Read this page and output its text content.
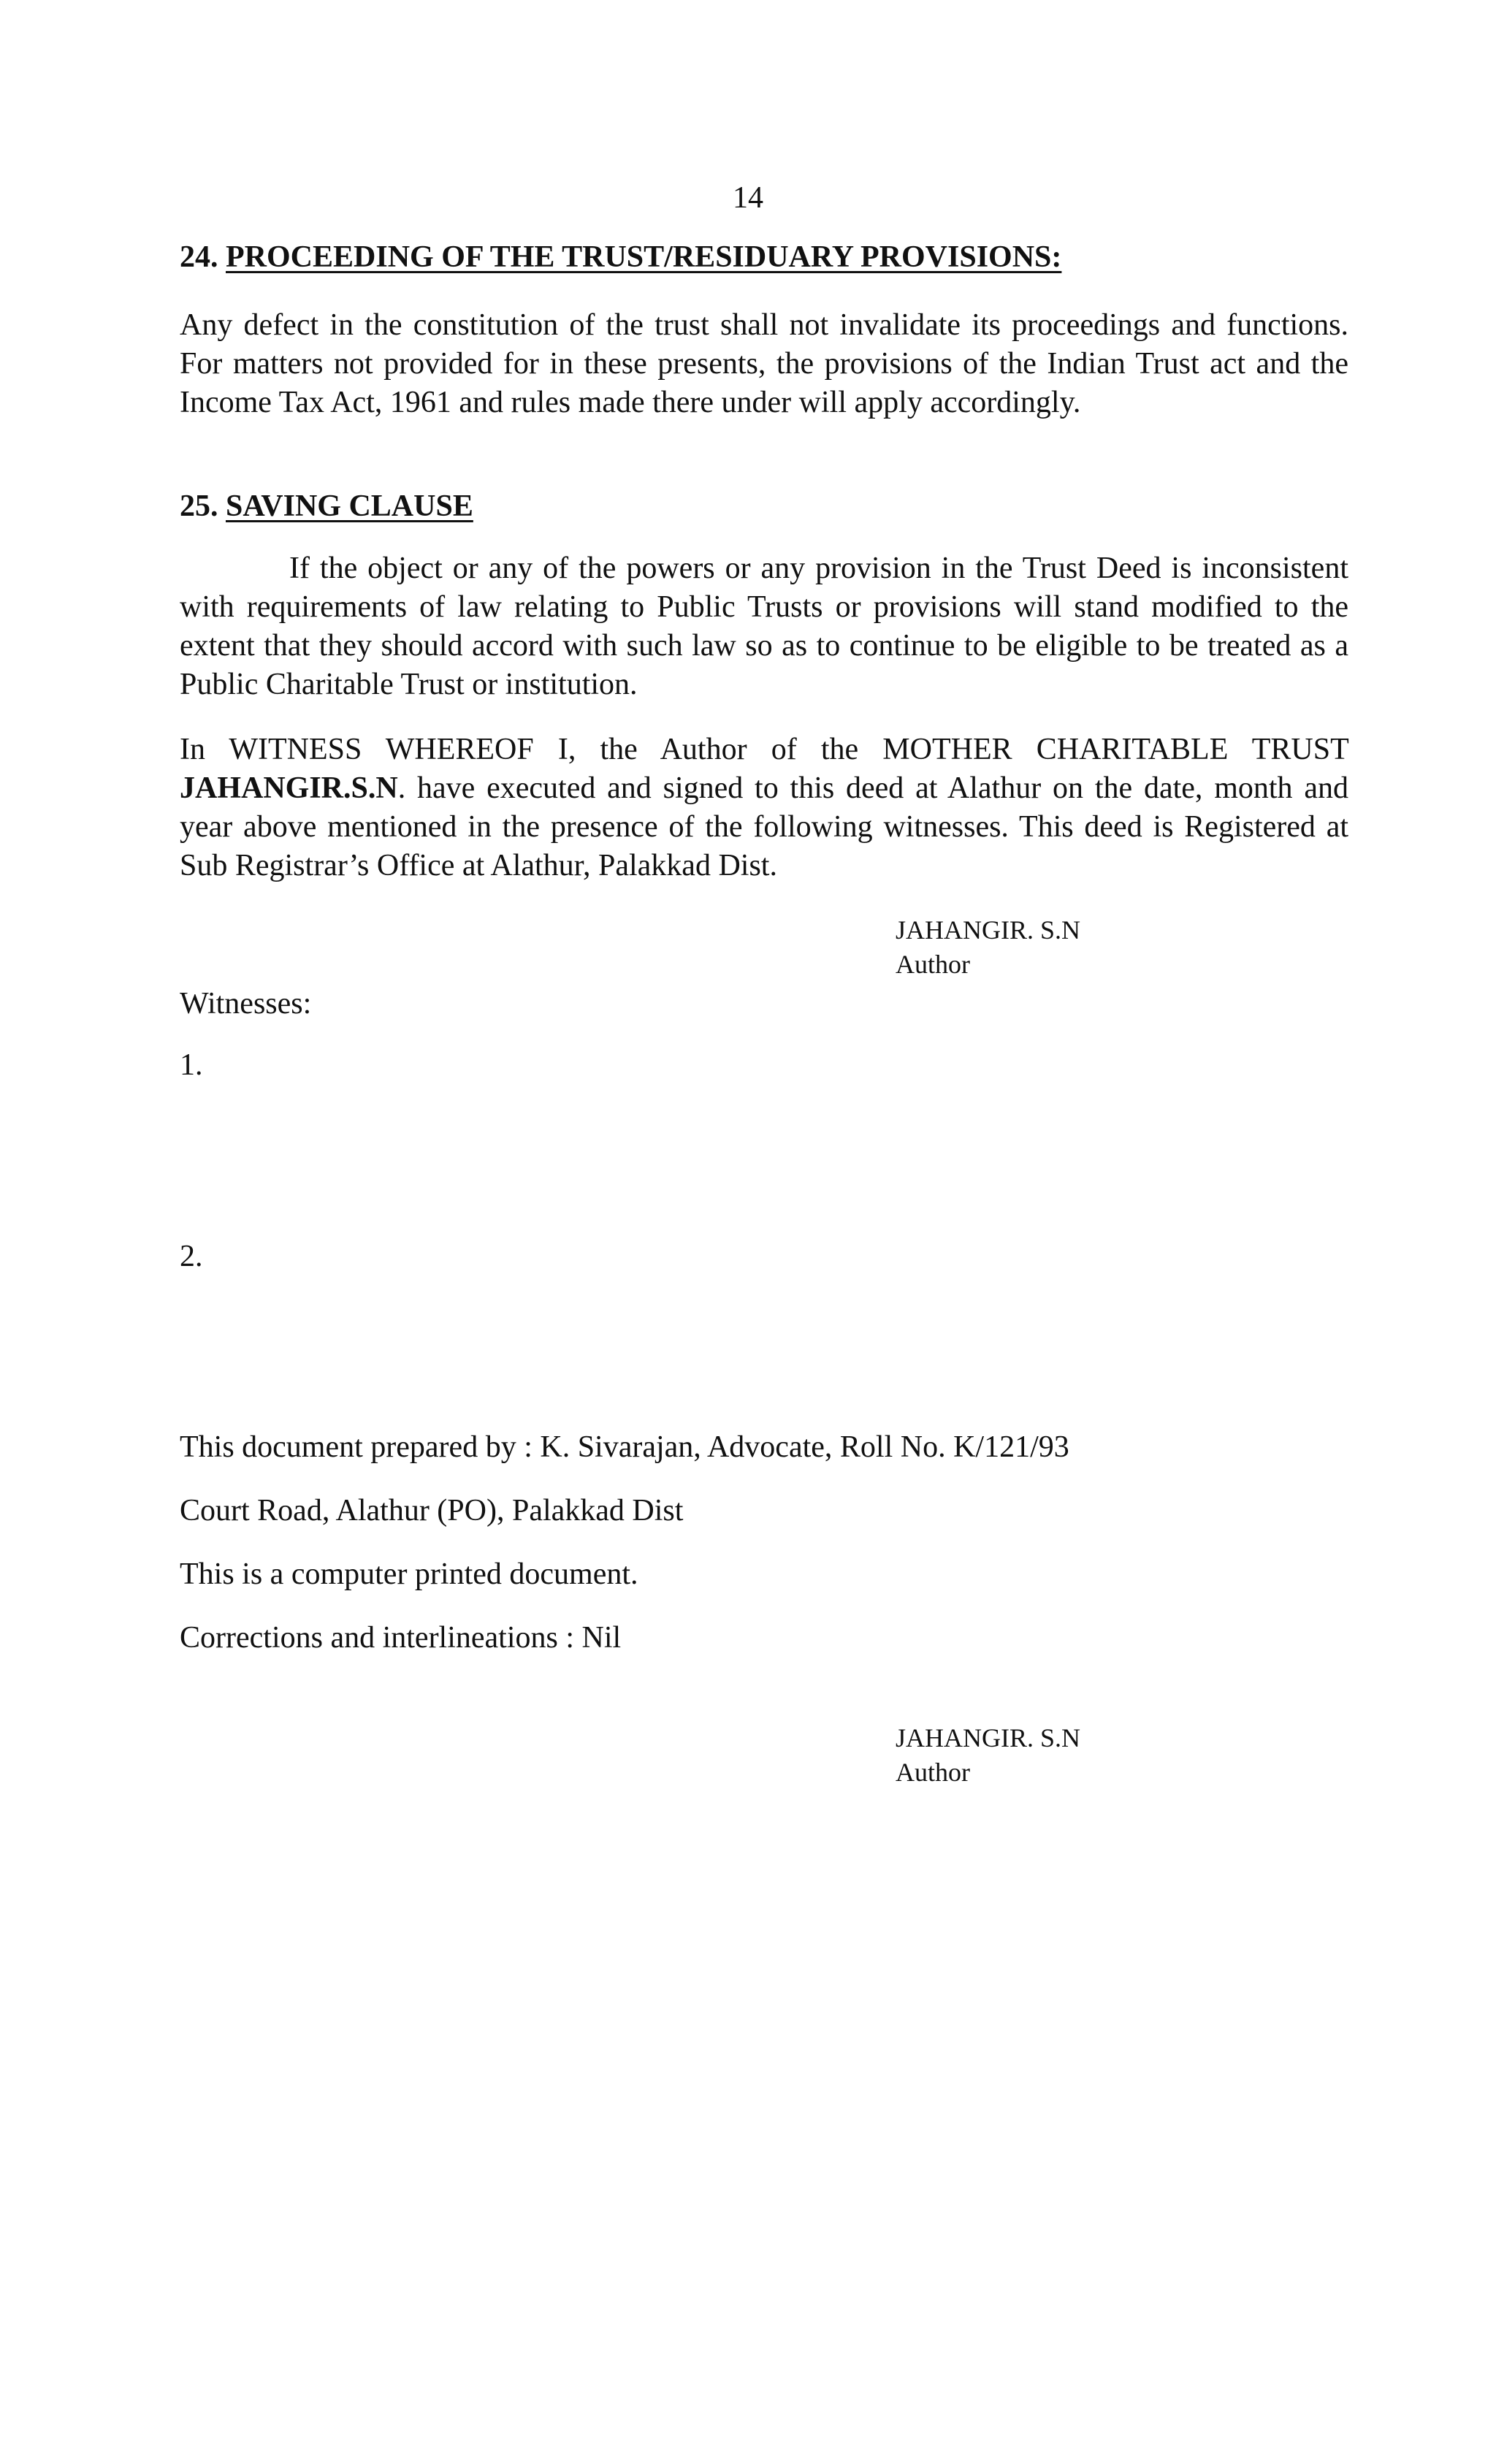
14
24. PROCEEDING OF THE TRUST/RESIDUARY PROVISIONS:
Any defect in the constitution of the trust shall not invalidate its proceedings and functions. For matters not provided for in these presents, the provisions of the Indian Trust act and the Income Tax Act, 1961 and rules made there under will apply accordingly.
25. SAVING CLAUSE
If the object or any of the powers or any provision in the Trust Deed is inconsistent with requirements of law relating to Public Trusts or provisions will stand modified to the extent that they should accord with such law so as to continue to be eligible to be treated as a Public Charitable Trust or institution.
In WITNESS WHEREOF I, the Author of the MOTHER CHARITABLE TRUST JAHANGIR.S.N. have executed and signed to this deed at Alathur on the date, month and year above mentioned in the presence of the following witnesses. This deed is Registered at Sub Registrar’s Office at Alathur, Palakkad Dist.
JAHANGIR. S.N
Author
Witnesses:
1.
2.
This document prepared by : K. Sivarajan, Advocate, Roll No. K/121/93
Court Road, Alathur (PO), Palakkad Dist
This is a computer printed document.
Corrections and interlineations : Nil
JAHANGIR. S.N
Author
